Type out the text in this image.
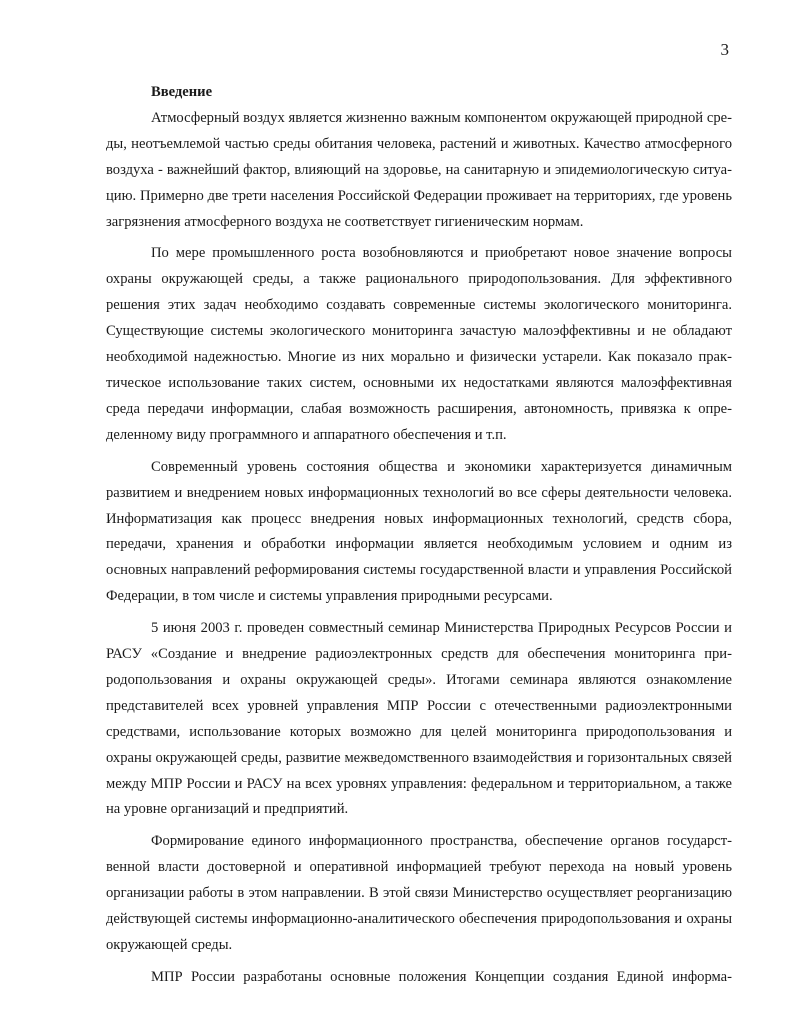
3
Введение

Атмосферный воздух является жизненно важным компонентом окружающей природной среды, неотъемлемой частью среды обитания человека, растений и животных. Качество атмосферного воздуха - важнейший фактор, влияющий на здоровье, на санитарную и эпидемиологическую ситуацию. Примерно две трети населения Российской Федерации проживает на территориях, где уровень загрязнения атмосферного воздуха не соответствует гигиеническим нормам.

По мере промышленного роста возобновляются и приобретают новое значение вопросы охраны окружающей среды, а также рационального природопользования. Для эффективного решения этих задач необходимо создавать современные системы экологического мониторинга. Существующие системы экологического мониторинга зачастую малоэффективны и не обладают необходимой надежностью. Многие из них морально и физически устарели. Как показало практическое использование таких систем, основными их недостатками являются малоэффективная среда передачи информации, слабая возможность расширения, автономность, привязка к определенному виду программного и аппаратного обеспечения и т.п.

Современный уровень состояния общества и экономики характеризуется динамичным развитием и внедрением новых информационных технологий во все сферы деятельности человека. Информатизация как процесс внедрения новых информационных технологий, средств сбора, передачи, хранения и обработки информации является необходимым условием и одним из основных направлений реформирования системы государственной власти и управления Российской Федерации, в том числе и системы управления природными ресурсами.

5 июня 2003 г. проведен совместный семинар Министерства Природных Ресурсов России и РАСУ «Создание и внедрение радиоэлектронных средств для обеспечения мониторинга природопользования и охраны окружающей среды». Итогами семинара являются ознакомление представителей всех уровней управления МПР России с отечественными радиоэлектронными средствами, использование которых возможно для целей мониторинга природопользования и охраны окружающей среды, развитие межведомственного взаимодействия и горизонтальных связей между МПР России и РАСУ на всех уровнях управления: федеральном и территориальном, а также на уровне организаций и предприятий.

Формирование единого информационного пространства, обеспечение органов государственной власти достоверной и оперативной информацией требуют перехода на новый уровень организации работы в этом направлении. В этой связи Министерство осуществляет реорганизацию действующей системы информационно-аналитического обеспечения природопользования и охраны окружающей среды.

МПР России разработаны основные положения Концепции создания Единой информа-
